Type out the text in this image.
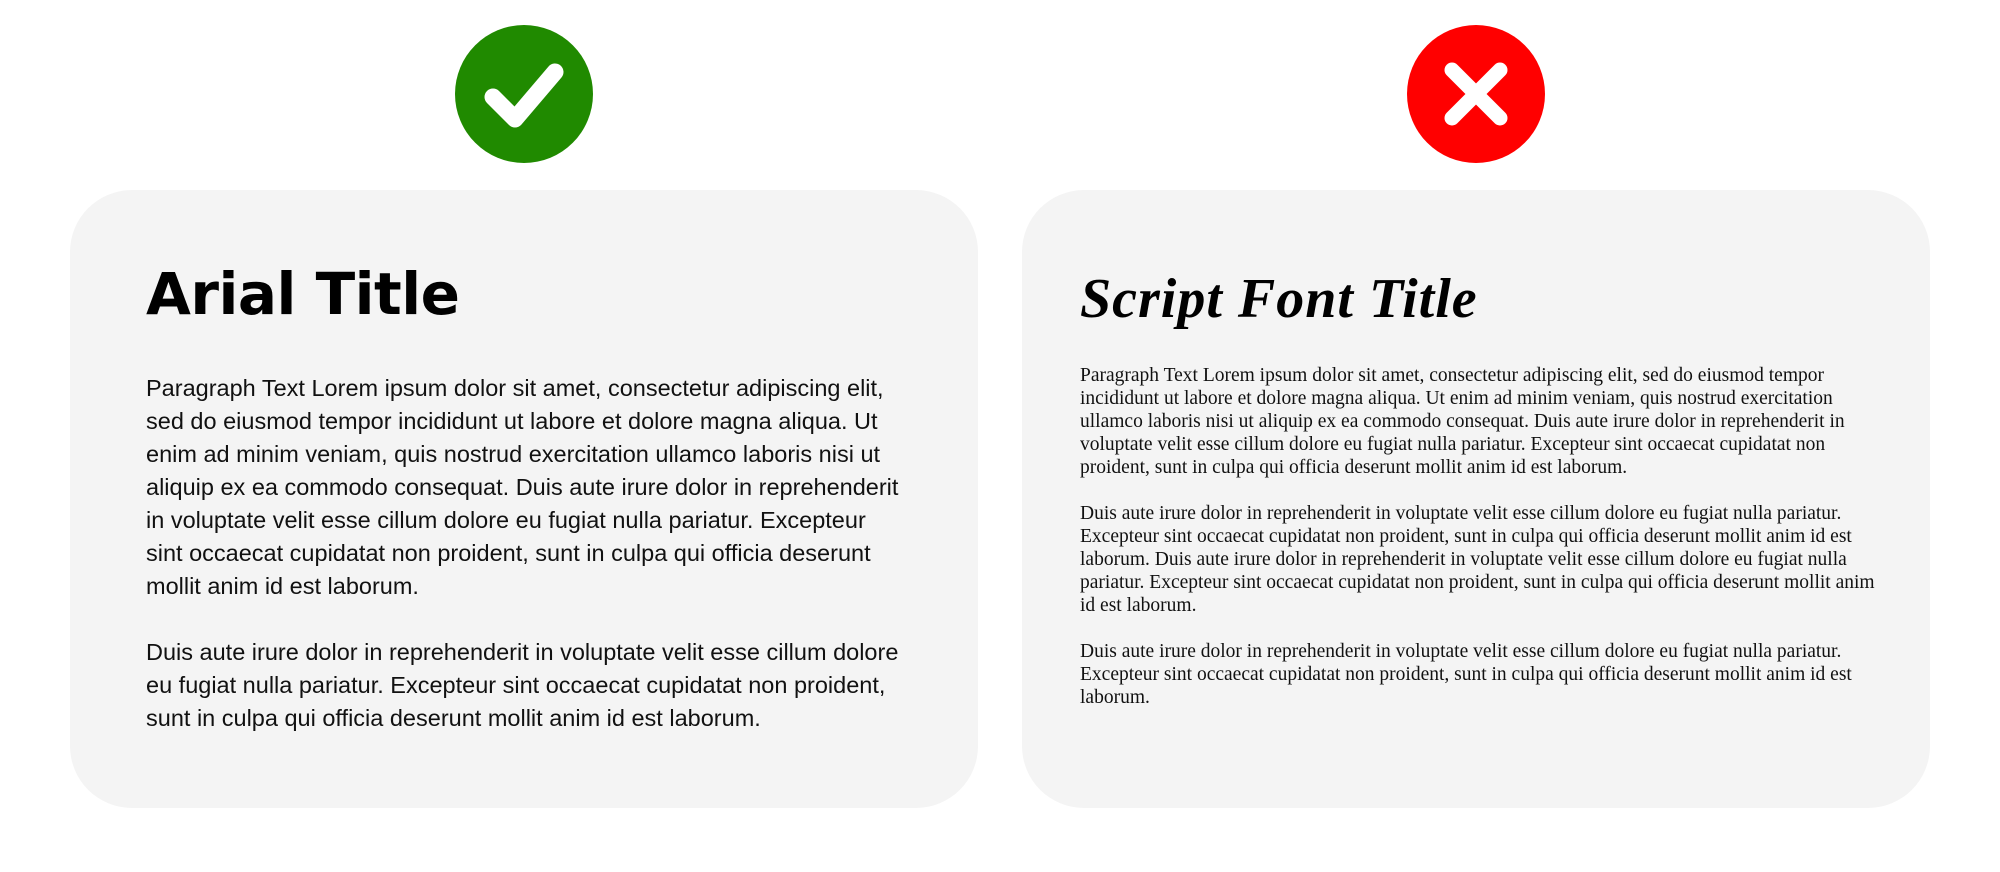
Arial Title

Paragraph Text Lorem ipsum dolor sit amet, consectetur adipiscing elit, sed do eiusmod tempor incididunt ut labore et dolore magna aliqua. Ut enim ad minim veniam, quis nostrud exercitation ullamco laboris nisi ut aliquip ex ea commodo consequat. Duis aute irure dolor in reprehenderit in voluptate velit esse cillum dolore eu fugiat nulla pariatur. Excepteur sint occaecat cupidatat non proident, sunt in culpa qui officia deserunt mollit anim id est laborum.

Duis aute irure dolor in reprehenderit in voluptate velit esse cillum dolore eu fugiat nulla pariatur. Excepteur sint occaecat cupidatat non proident, sunt in culpa qui officia deserunt mollit anim id est laborum.

Script Font Title

Paragraph Text Lorem ipsum dolor sit amet, consectetur adipiscing elit, sed do eiusmod tempor incididunt ut labore et dolore magna aliqua. Ut enim ad minim veniam, quis nostrud exercitation ullamco laboris nisi ut aliquip ex ea commodo consequat. Duis aute irure dolor in reprehenderit in voluptate velit esse cillum dolore eu fugiat nulla pariatur. Excepteur sint occaecat cupidatat non proident, sunt in culpa qui officia deserunt mollit anim id est laborum.

Duis aute irure dolor in reprehenderit in voluptate velit esse cillum dolore eu fugiat nulla pariatur. Excepteur sint occaecat cupidatat non proident, sunt in culpa qui officia deserunt mollit anim id est laborum. Duis aute irure dolor in reprehenderit in voluptate velit esse cillum dolore eu fugiat nulla pariatur. Excepteur sint occaecat cupidatat non proident, sunt in culpa qui officia deserunt mollit anim id est laborum.

Duis aute irure dolor in reprehenderit in voluptate velit esse cillum dolore eu fugiat nulla pariatur. Excepteur sint occaecat cupidatat non proident, sunt in culpa qui officia deserunt mollit anim id est laborum.
